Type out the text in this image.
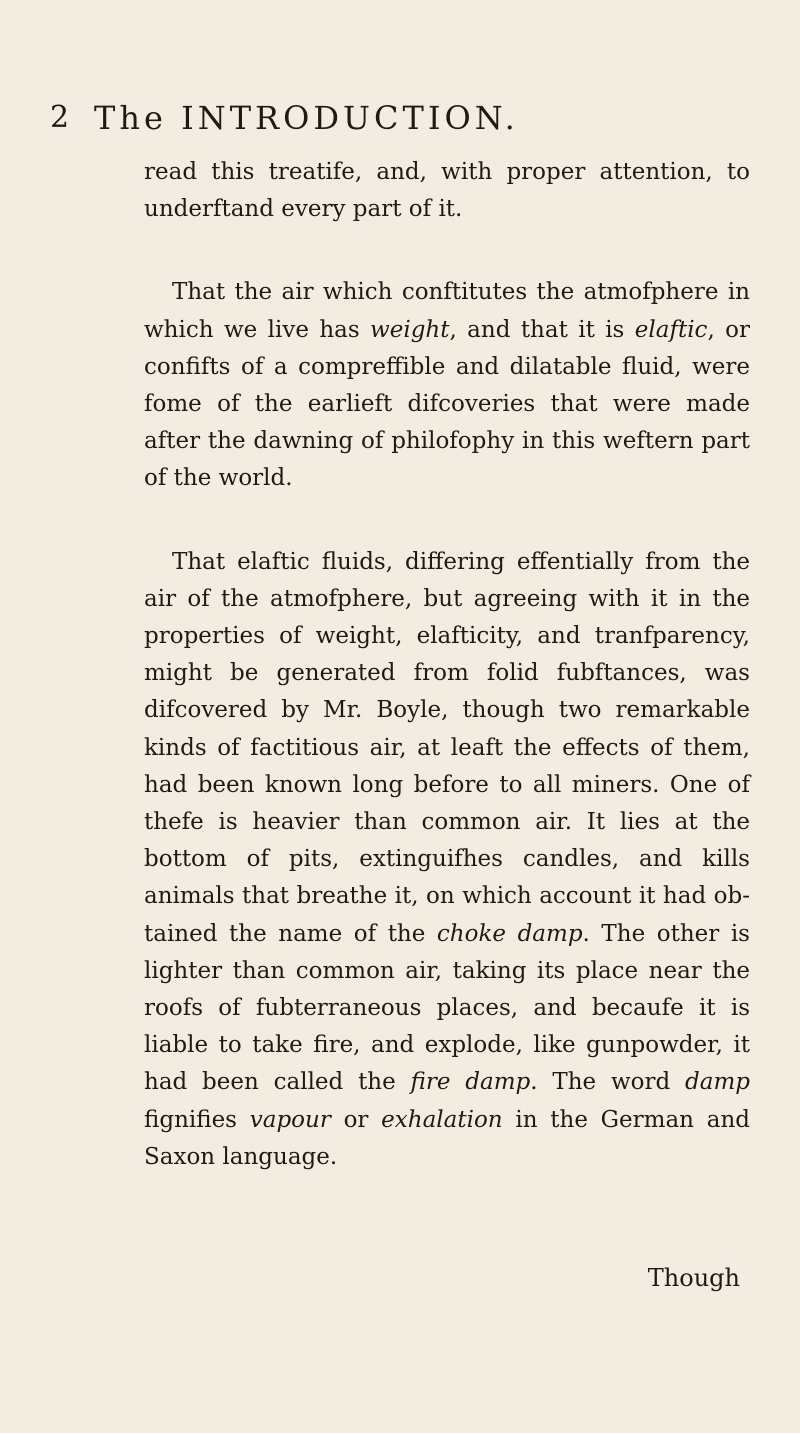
2 The INTRODUCTION.

read this treatife, and, with proper attention, to underftand every part of it.

That the air which conftitutes the atmofphere in which we live has weight, and that it is elaftic, or confifts of a compreffible and dilatable fluid, were fome of the earlieft difcoveries that were made after the dawning of philofophy in this weftern part of the world.

That elaftic fluids, differing effentially from the air of the atmofphere, but agreeing with it in the properties of weight, elafticity, and tranfparency, might be generated from folid fubftances, was difcovered by Mr. Boyle, though two remarkable kinds of factitious air, at leaft the effects of them, had been known long before to all miners. One of thefe is heavier than common air. It lies at the bottom of pits, extinguifhes candles, and kills animals that breathe it, on which account it had obtained the name of the choke damp. The other is lighter than common air, taking its place near the roofs of fubterraneous places, and becaufe it is liable to take fire, and explode, like gunpowder, it had been called the fire damp. The word damp fignifies vapour or exhalation in the German and Saxon language.

Though
